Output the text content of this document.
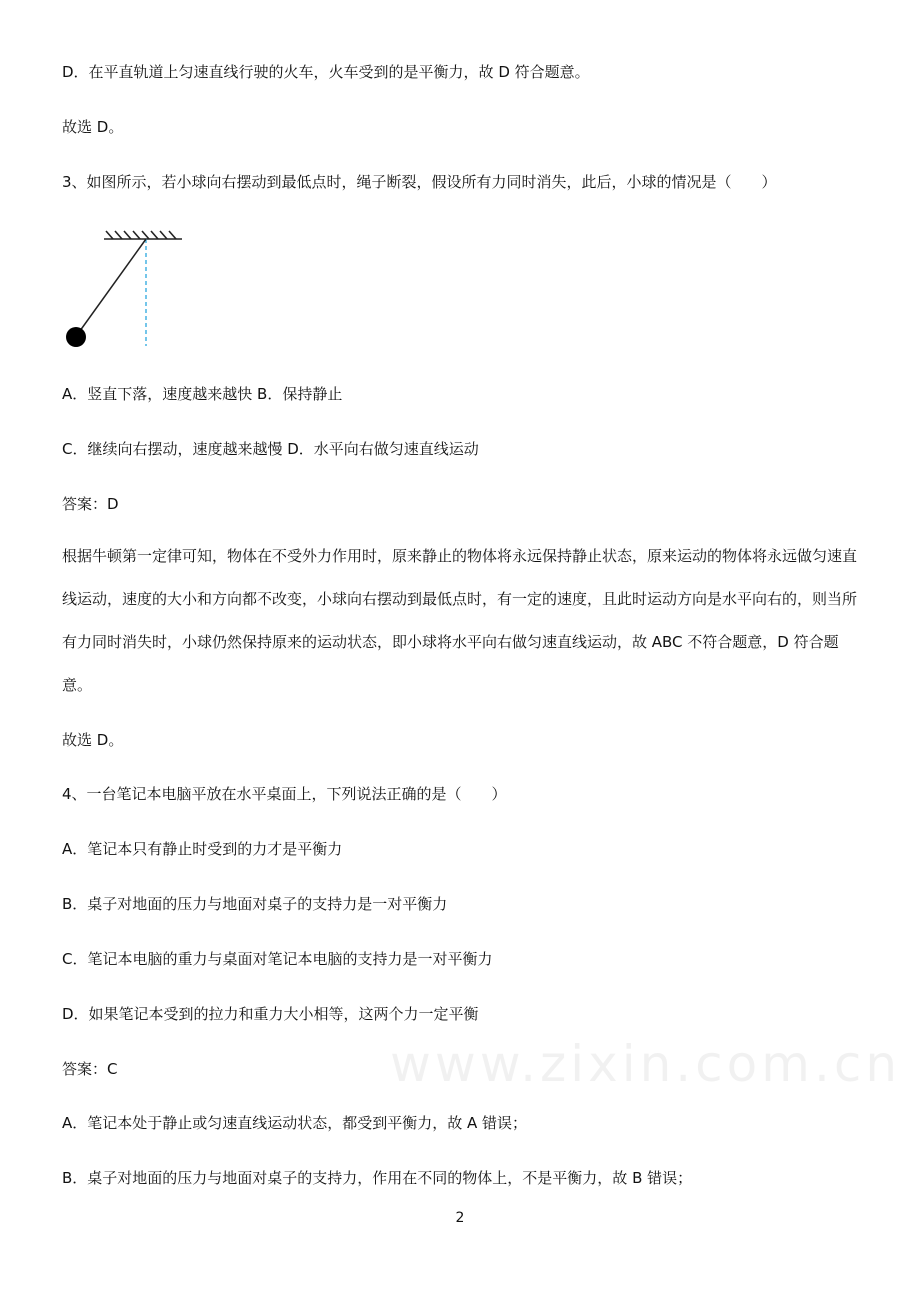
D．在平直轨道上匀速直线行驶的火车，火车受到的是平衡力，故 D 符合题意。
故选 D。
3、如图所示，若小球向右摆动到最低点时，绳子断裂，假设所有力同时消失，此后，小球的情况是（　　）
A．竖直下落，速度越来越快 B．保持静止
C．继续向右摆动，速度越来越慢 D．水平向右做匀速直线运动
答案：D
根据牛顿第一定律可知，物体在不受外力作用时，原来静止的物体将永远保持静止状态，原来运动的物体将永远做匀速直线运动，速度的大小和方向都不改变，小球向右摆动到最低点时，有一定的速度，且此时运动方向是水平向右的，则当所有力同时消失时，小球仍然保持原来的运动状态，即小球将水平向右做匀速直线运动，故 ABC 不符合题意，D 符合题意。
故选 D。
4、一台笔记本电脑平放在水平桌面上，下列说法正确的是（　　）
A．笔记本只有静止时受到的力才是平衡力
B．桌子对地面的压力与地面对桌子的支持力是一对平衡力
C．笔记本电脑的重力与桌面对笔记本电脑的支持力是一对平衡力
D．如果笔记本受到的拉力和重力大小相等，这两个力一定平衡
答案：C
A．笔记本处于静止或匀速直线运动状态，都受到平衡力，故 A 错误；
B．桌子对地面的压力与地面对桌子的支持力，作用在不同的物体上，不是平衡力，故 B 错误；
www.zixin.com.cn
2
